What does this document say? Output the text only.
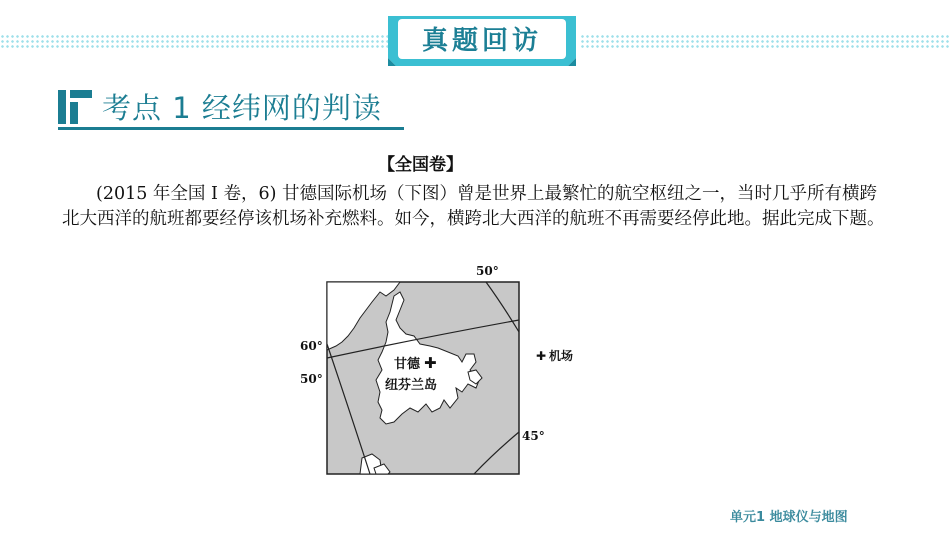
真题回访
考点 1 经纬网的判读
【全国卷】
(2015 年全国 I 卷，6) 甘德国际机场（下图）曾是世界上最繁忙的航空枢纽之一，当时几乎所有横跨北大西洋的航班都要经停该机场补充燃料。如今，横跨北大西洋的航班不再需要经停此地。据此完成下题。
✚
50°
60°
50°
45°
甘德
纽芬兰岛
✚ 机场
单元1 地球仪与地图
